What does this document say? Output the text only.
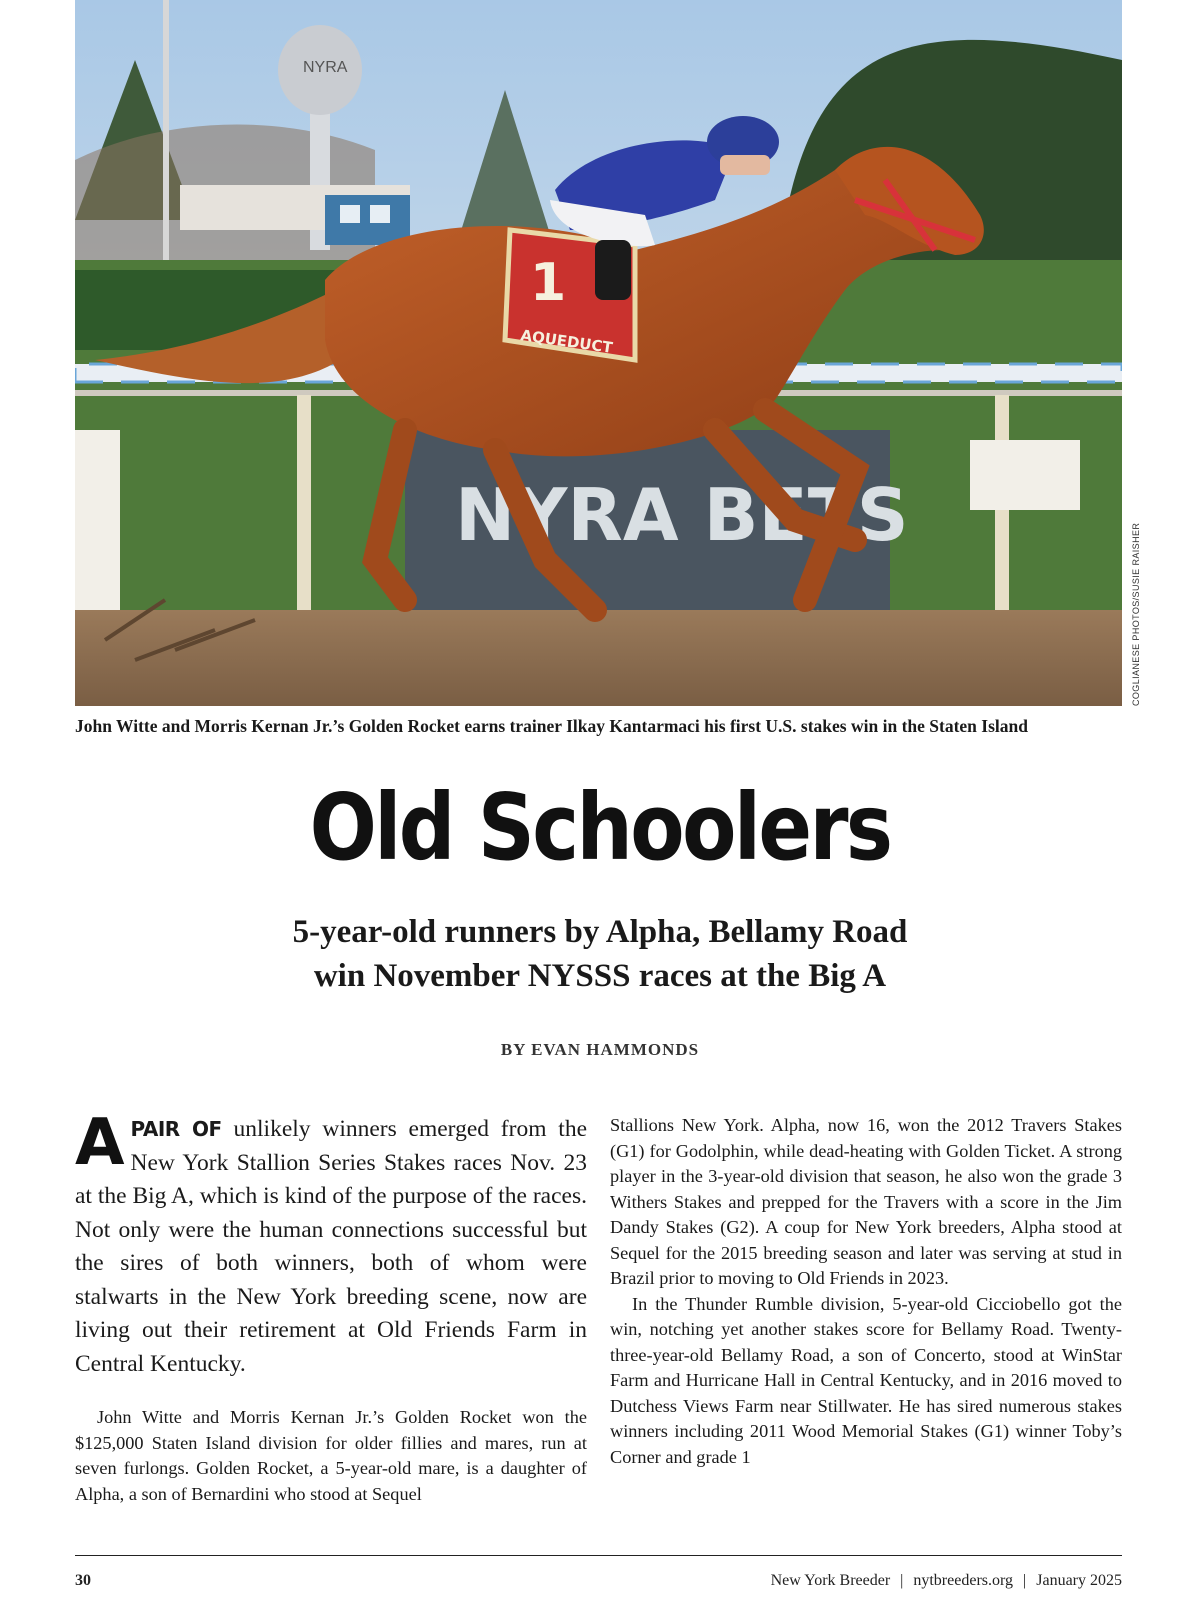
NYRA
NYRA BETS
1
AQUEDUCT
COGLIANESE PHOTOS/SUSIE RAISHER
John Witte and Morris Kernan Jr.’s Golden Rocket earns trainer Ilkay Kantarmaci his first U.S. stakes win in the Staten Island
Old Schoolers
5-year-old runners by Alpha, Bellamy Road
win November NYSSS races at the Big A
BY EVAN HAMMONDS

APAIR OF unlikely winners emerged from the New York Stallion Series Stakes races Nov. 23 at the Big A, which is kind of the purpose of the races. Not only were the human connections successful but the sires of both winners, both of whom were stalwarts in the New York breeding scene, now are living out their retirement at Old Friends Farm in Central Kentucky.

John Witte and Morris Kernan Jr.’s Golden Rocket won the $125,000 Staten Island division for older fillies and mares, run at seven furlongs. Golden Rocket, a 5-year-old mare, is a daughter of Alpha, a son of Bernardini who stood at Sequel

Stallions New York. Alpha, now 16, won the 2012 Travers Stakes (G1) for Godolphin, while dead-heating with Golden Ticket. A strong player in the 3-year-old division that season, he also won the grade 3 Withers Stakes and prepped for the Travers with a score in the Jim Dandy Stakes (G2). A coup for New York breeders, Alpha stood at Sequel for the 2015 breeding season and later was serving at stud in Brazil prior to moving to Old Friends in 2023.

In the Thunder Rumble division, 5-year-old Cicciobello got the win, notching yet another stakes score for Bellamy Road. Twenty-three-year-old Bellamy Road, a son of Concerto, stood at WinStar Farm and Hurricane Hall in Central Kentucky, and in 2016 moved to Dutchess Views Farm near Stillwater. He has sired numerous stakes winners including 2011 Wood Memorial Stakes (G1) winner Toby’s Corner and grade 1

30	New York Breeder | nytbreeders.org | January 2025
